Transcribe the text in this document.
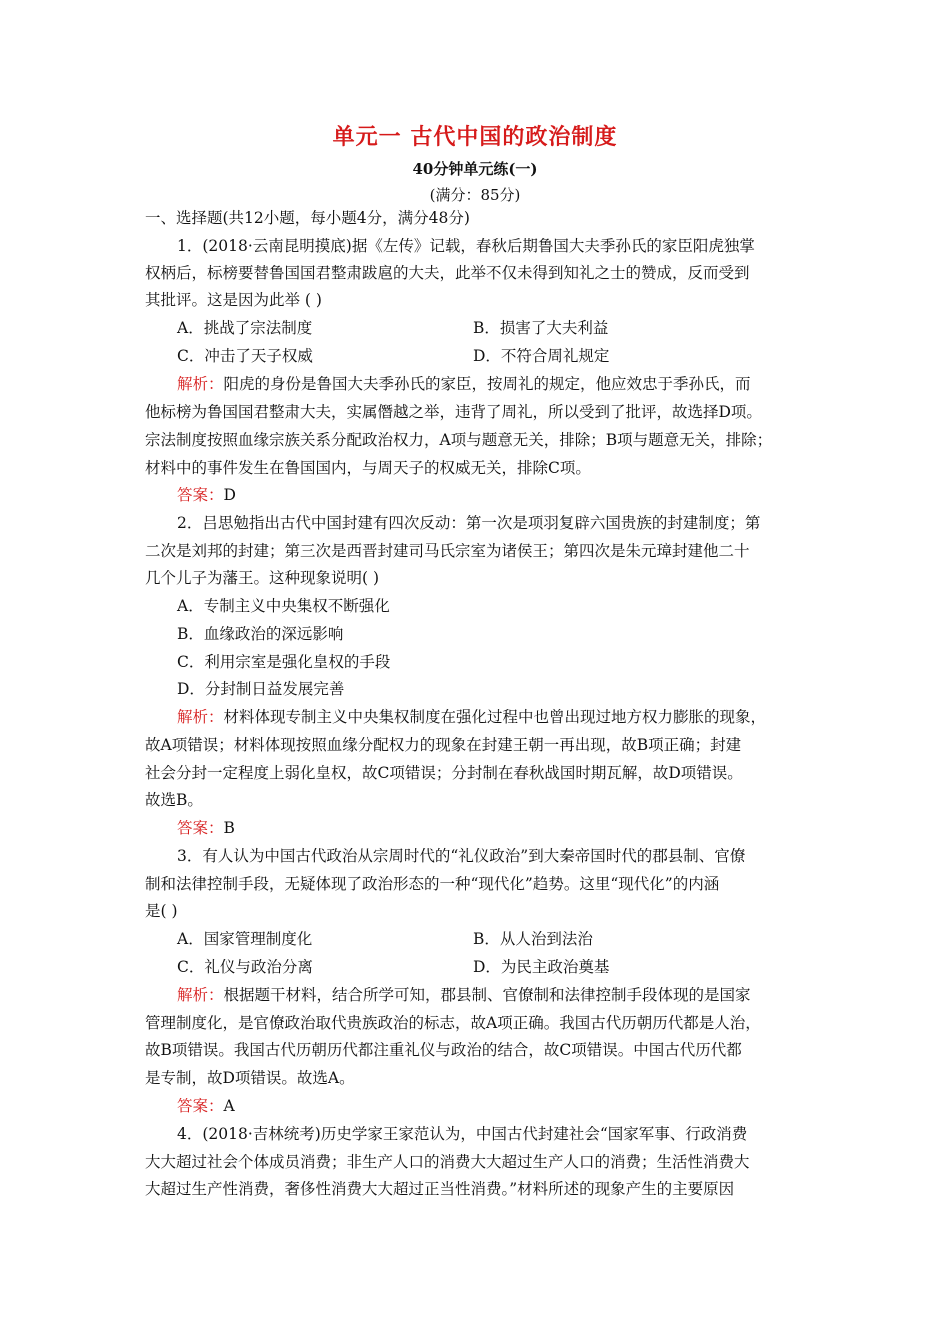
单元一 古代中国的政治制度
40分钟单元练(一)
(满分：85分)
一、选择题(共12小题，每小题4分，满分48分)
1．(2018·云南昆明摸底)据《左传》记载，春秋后期鲁国大夫季孙氏的家臣阳虎独掌
权柄后，标榜要替鲁国国君整肃跋扈的大夫，此举不仅未得到知礼之士的赞成，反而受到
其批评。这是因为此举 ( )
A．挑战了宗法制度	B．损害了大夫利益
C．冲击了天子权威	D．不符合周礼规定
解析：阳虎的身份是鲁国大夫季孙氏的家臣，按周礼的规定，他应效忠于季孙氏，而
他标榜为鲁国国君整肃大夫，实属僭越之举，违背了周礼，所以受到了批评，故选择D项。
宗法制度按照血缘宗族关系分配政治权力，A项与题意无关，排除；B项与题意无关，排除；
材料中的事件发生在鲁国国内，与周天子的权威无关，排除C项。
答案：D
2．吕思勉指出古代中国封建有四次反动：第一次是项羽复辟六国贵族的封建制度；第
二次是刘邦的封建；第三次是西晋封建司马氏宗室为诸侯王；第四次是朱元璋封建他二十
几个儿子为藩王。这种现象说明( )
A．专制主义中央集权不断强化
B．血缘政治的深远影响
C．利用宗室是强化皇权的手段
D．分封制日益发展完善
解析：材料体现专制主义中央集权制度在强化过程中也曾出现过地方权力膨胀的现象，
故A项错误；材料体现按照血缘分配权力的现象在封建王朝一再出现，故B项正确；封建
社会分封一定程度上弱化皇权，故C项错误；分封制在春秋战国时期瓦解，故D项错误。
故选B。
答案：B
3．有人认为中国古代政治从宗周时代的“礼仪政治”到大秦帝国时代的郡县制、官僚
制和法律控制手段，无疑体现了政治形态的一种“现代化”趋势。这里“现代化”的内涵
是( )
A．国家管理制度化	B．从人治到法治
C．礼仪与政治分离	D．为民主政治奠基
解析：根据题干材料，结合所学可知，郡县制、官僚制和法律控制手段体现的是国家
管理制度化，是官僚政治取代贵族政治的标志，故A项正确。我国古代历朝历代都是人治，
故B项错误。我国古代历朝历代都注重礼仪与政治的结合，故C项错误。中国古代历代都
是专制，故D项错误。故选A。
答案：A
4．(2018·吉林统考)历史学家王家范认为，中国古代封建社会“国家军事、行政消费
大大超过社会个体成员消费；非生产人口的消费大大超过生产人口的消费；生活性消费大
大超过生产性消费，奢侈性消费大大超过正当性消费。”材料所述的现象产生的主要原因
